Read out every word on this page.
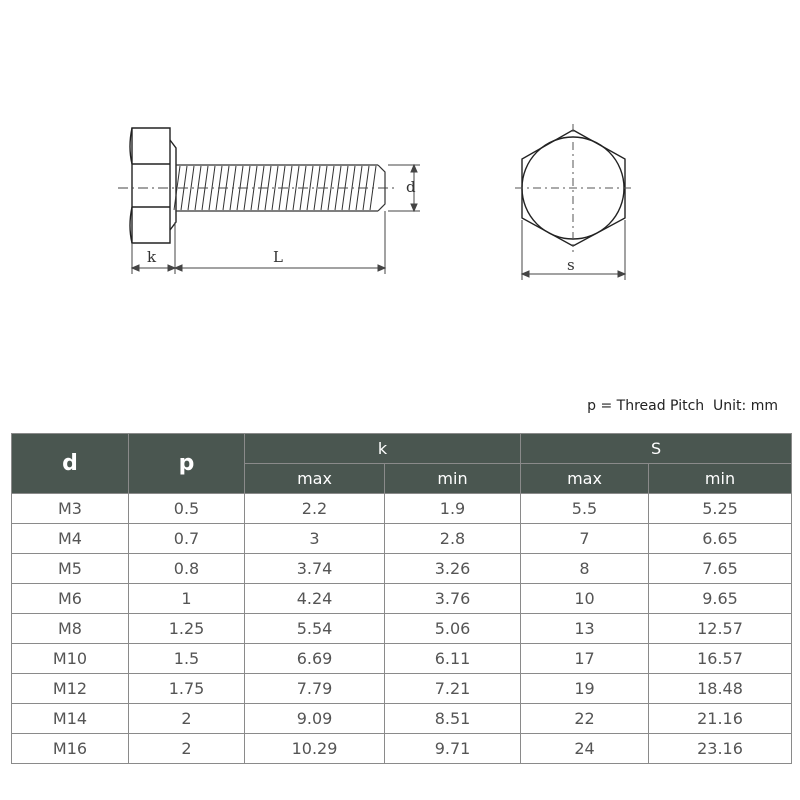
d
k	L	s
p = Thread Pitch  Unit: mm
d	p	k		S	
		max	min	max	min
M3	0.5	2.2	1.9	5.5	5.25
M4	0.7	3	2.8	7	6.65
M5	0.8	3.74	3.26	8	7.65
M6	1	4.24	3.76	10	9.65
M8	1.25	5.54	5.06	13	12.57
M10	1.5	6.69	6.11	17	16.57
M12	1.75	7.79	7.21	19	18.48
M14	2	9.09	8.51	22	21.16
M16	2	10.29	9.71	24	23.16
